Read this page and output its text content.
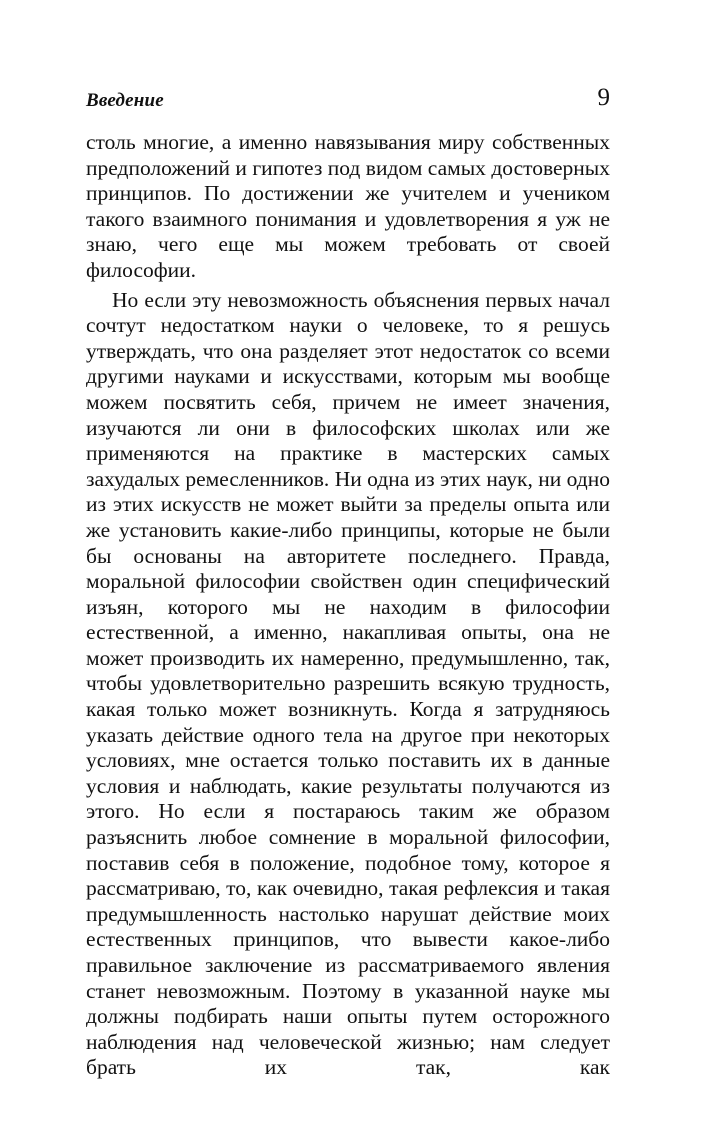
Введение	9

столь многие, а именно навязывания миру собственных предположений и гипотез под видом самых достоверных принципов. По достижении же учителем и учеником такого взаимного понимания и удовлетворения я уж не знаю, чего еще мы можем требовать от своей философии.

Но если эту невозможность объяснения первых начал сочтут недостатком науки о человеке, то я решусь утверждать, что она разделяет этот недостаток со всеми другими науками и искусствами, которым мы вообще можем посвятить себя, причем не имеет значения, изучаются ли они в философских школах или же применяются на практике в мастерских самых захудалых ремесленников. Ни одна из этих наук, ни одно из этих искусств не может выйти за пределы опыта или же установить какие-либо принципы, которые не были бы основаны на авторитете последнего. Правда, моральной философии свойствен один специфический изъян, которого мы не находим в философии естественной, а именно, накапливая опыты, она не может производить их намеренно, предумышленно, так, чтобы удовлетворительно разрешить всякую трудность, какая только может возникнуть. Когда я затрудняюсь указать действие одного тела на другое при некоторых условиях, мне остается только поставить их в данные условия и наблюдать, какие результаты получаются из этого. Но если я постараюсь таким же образом разъяснить любое сомнение в моральной философии, поставив себя в положение, подобное тому, которое я рассматриваю, то, как очевидно, такая рефлексия и такая предумышленность настолько нарушат действие моих естественных принципов, что вывести какое-либо правильное заключение из рассматриваемого явления станет невозможным. Поэтому в указанной науке мы должны подбирать наши опыты путем осторожного наблюдения над человеческой жизнью; нам следует брать их так, как
